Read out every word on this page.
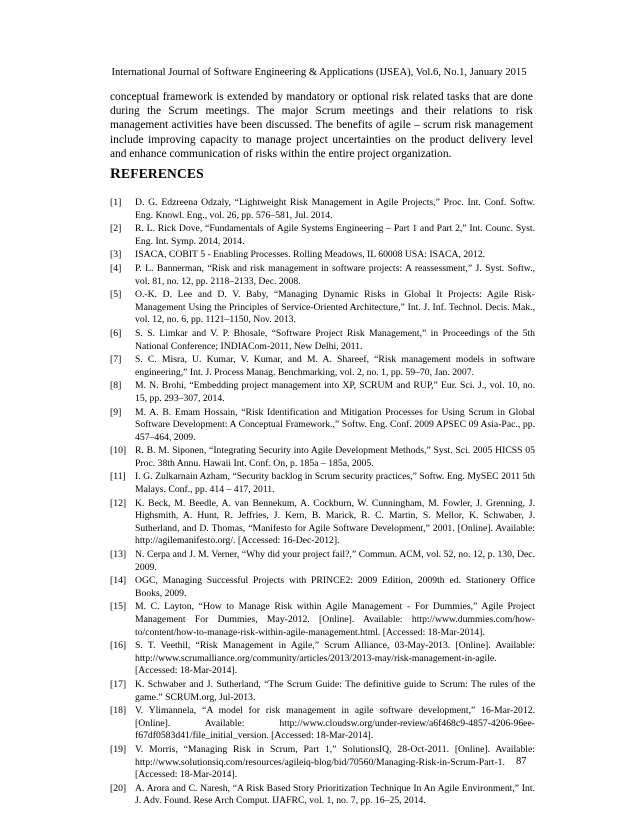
International Journal of Software Engineering & Applications (IJSEA), Vol.6, No.1, January 2015
conceptual framework is extended by mandatory or optional risk related tasks that are done during the Scrum meetings. The major Scrum meetings and their relations to risk management activities have been discussed. The benefits of agile – scrum risk management include improving capacity to manage project uncertainties on the product delivery level and enhance communication of risks within the entire project organization.
REFERENCES
[1]	D. G. Edzreena Odzaly, “Lightweight Risk Management in Agile Projects,” Proc. Int. Conf. Softw. Eng. Knowl. Eng., vol. 26, pp. 576–581, Jul. 2014.
[2]	R. L. Rick Dove, “Fundamentals of Agile Systems Engineering – Part 1 and Part 2,” Int. Counc. Syst. Eng. Int. Symp. 2014, 2014.
[3]	ISACA, COBIT 5 - Enabling Processes. Rolling Meadows, IL 60008 USA: ISACA, 2012.
[4]	P. L. Bannerman, “Risk and risk management in software projects: A reassessment,” J. Syst. Softw., vol. 81, no. 12, pp. 2118–2133, Dec. 2008.
[5]	O.-K. D. Lee and D. V. Baby, “Managing Dynamic Risks in Global It Projects: Agile Risk-Management Using the Principles of Service-Oriented Architecture,” Int. J. Inf. Technol. Decis. Mak., vol. 12, no. 6, pp. 1121–1150, Nov. 2013.
[6]	S. S. Limkar and V. P. Bhosale, “Software Project Risk Management,” in Proceedings of the 5th National Conference; INDIACom-2011, New Delhi, 2011.
[7]	S. C. Misra, U. Kumar, V. Kumar, and M. A. Shareef, “Risk management models in software engineering,” Int. J. Process Manag. Benchmarking, vol. 2, no. 1, pp. 59–70, Jan. 2007.
[8]	M. N. Brohi, “Embedding project management into XP, SCRUM and RUP,” Eur. Sci. J., vol. 10, no. 15, pp. 293–307, 2014.
[9]	M. A. B. Emam Hossain, “Risk Identification and Mitigation Processes for Using Scrum in Global Software Development: A Conceptual Framework.,” Softw. Eng. Conf. 2009 APSEC 09 Asia-Pac., pp. 457–464, 2009.
[10] R. B. M. Siponen, “Integrating Security into Agile Development Methods,” Syst. Sci. 2005 HICSS 05 Proc. 38th Annu. Hawaii Int. Conf. On, p. 185a – 185a, 2005.
[11] I. G. Zulkarnain Azham, “Security backlog in Scrum security practices,” Softw. Eng. MySEC 2011 5th Malays. Conf., pp. 414 – 417, 2011.
[12] K. Beck, M. Beedle, A. van Bennekum, A. Cockburn, W. Cunningham, M. Fowler, J. Grenning, J. Highsmith, A. Hunt, R. Jeffries, J. Kern, B. Marick, R. C. Martin, S. Mellor, K. Schwaber, J. Sutherland, and D. Thomas, “Manifesto for Agile Software Development,” 2001. [Online]. Available: http://agilemanifesto.org/. [Accessed: 16-Dec-2012].
[13] N. Cerpa and J. M. Verner, “Why did your project fail?,” Commun. ACM, vol. 52, no. 12, p. 130, Dec. 2009.
[14] OGC, Managing Successful Projects with PRINCE2: 2009 Edition, 2009th ed. Stationery Office Books, 2009.
[15] M. C. Layton, “How to Manage Risk within Agile Management - For Dummies,” Agile Project Management For Dummies, May-2012. [Online]. Available: http://www.dummies.com/how-to/content/how-to-manage-risk-within-agile-management.html. [Accessed: 18-Mar-2014].
[16] S. T. Veethil, “Risk Management in Agile,” Scrum Alliance, 03-May-2013. [Online]. Available: http://www.scrumalliance.org/community/articles/2013/2013-may/risk-management-in-agile. [Accessed: 18-Mar-2014].
[17] K. Schwaber and J. Sutherland, “The Scrum Guide: The definitive guide to Scrum: The rules of the game.” SCRUM.org, Jul-2013.
[18] V. Ylimannela, “A model for risk management in agile software development,” 16-Mar-2012. [Online]. Available: http://www.cloudsw.org/under-review/a6f468c9-4857-4206-96ee-f67df0583d41/file_initial_version. [Accessed: 18-Mar-2014].
[19] V. Morris, “Managing Risk in Scrum, Part 1,” SolutionsIQ, 28-Oct-2011. [Online]. Available: http://www.solutionsiq.com/resources/agileiq-blog/bid/70560/Managing-Risk-in-Scrum-Part-1. [Accessed: 18-Mar-2014].
[20] A. Arora and C. Naresh, “A Risk Based Story Prioritization Technique In An Agile Environment,” Int. J. Adv. Found. Rese Arch Comput. IJAFRC, vol. 1, no. 7, pp. 16–25, 2014.
87
